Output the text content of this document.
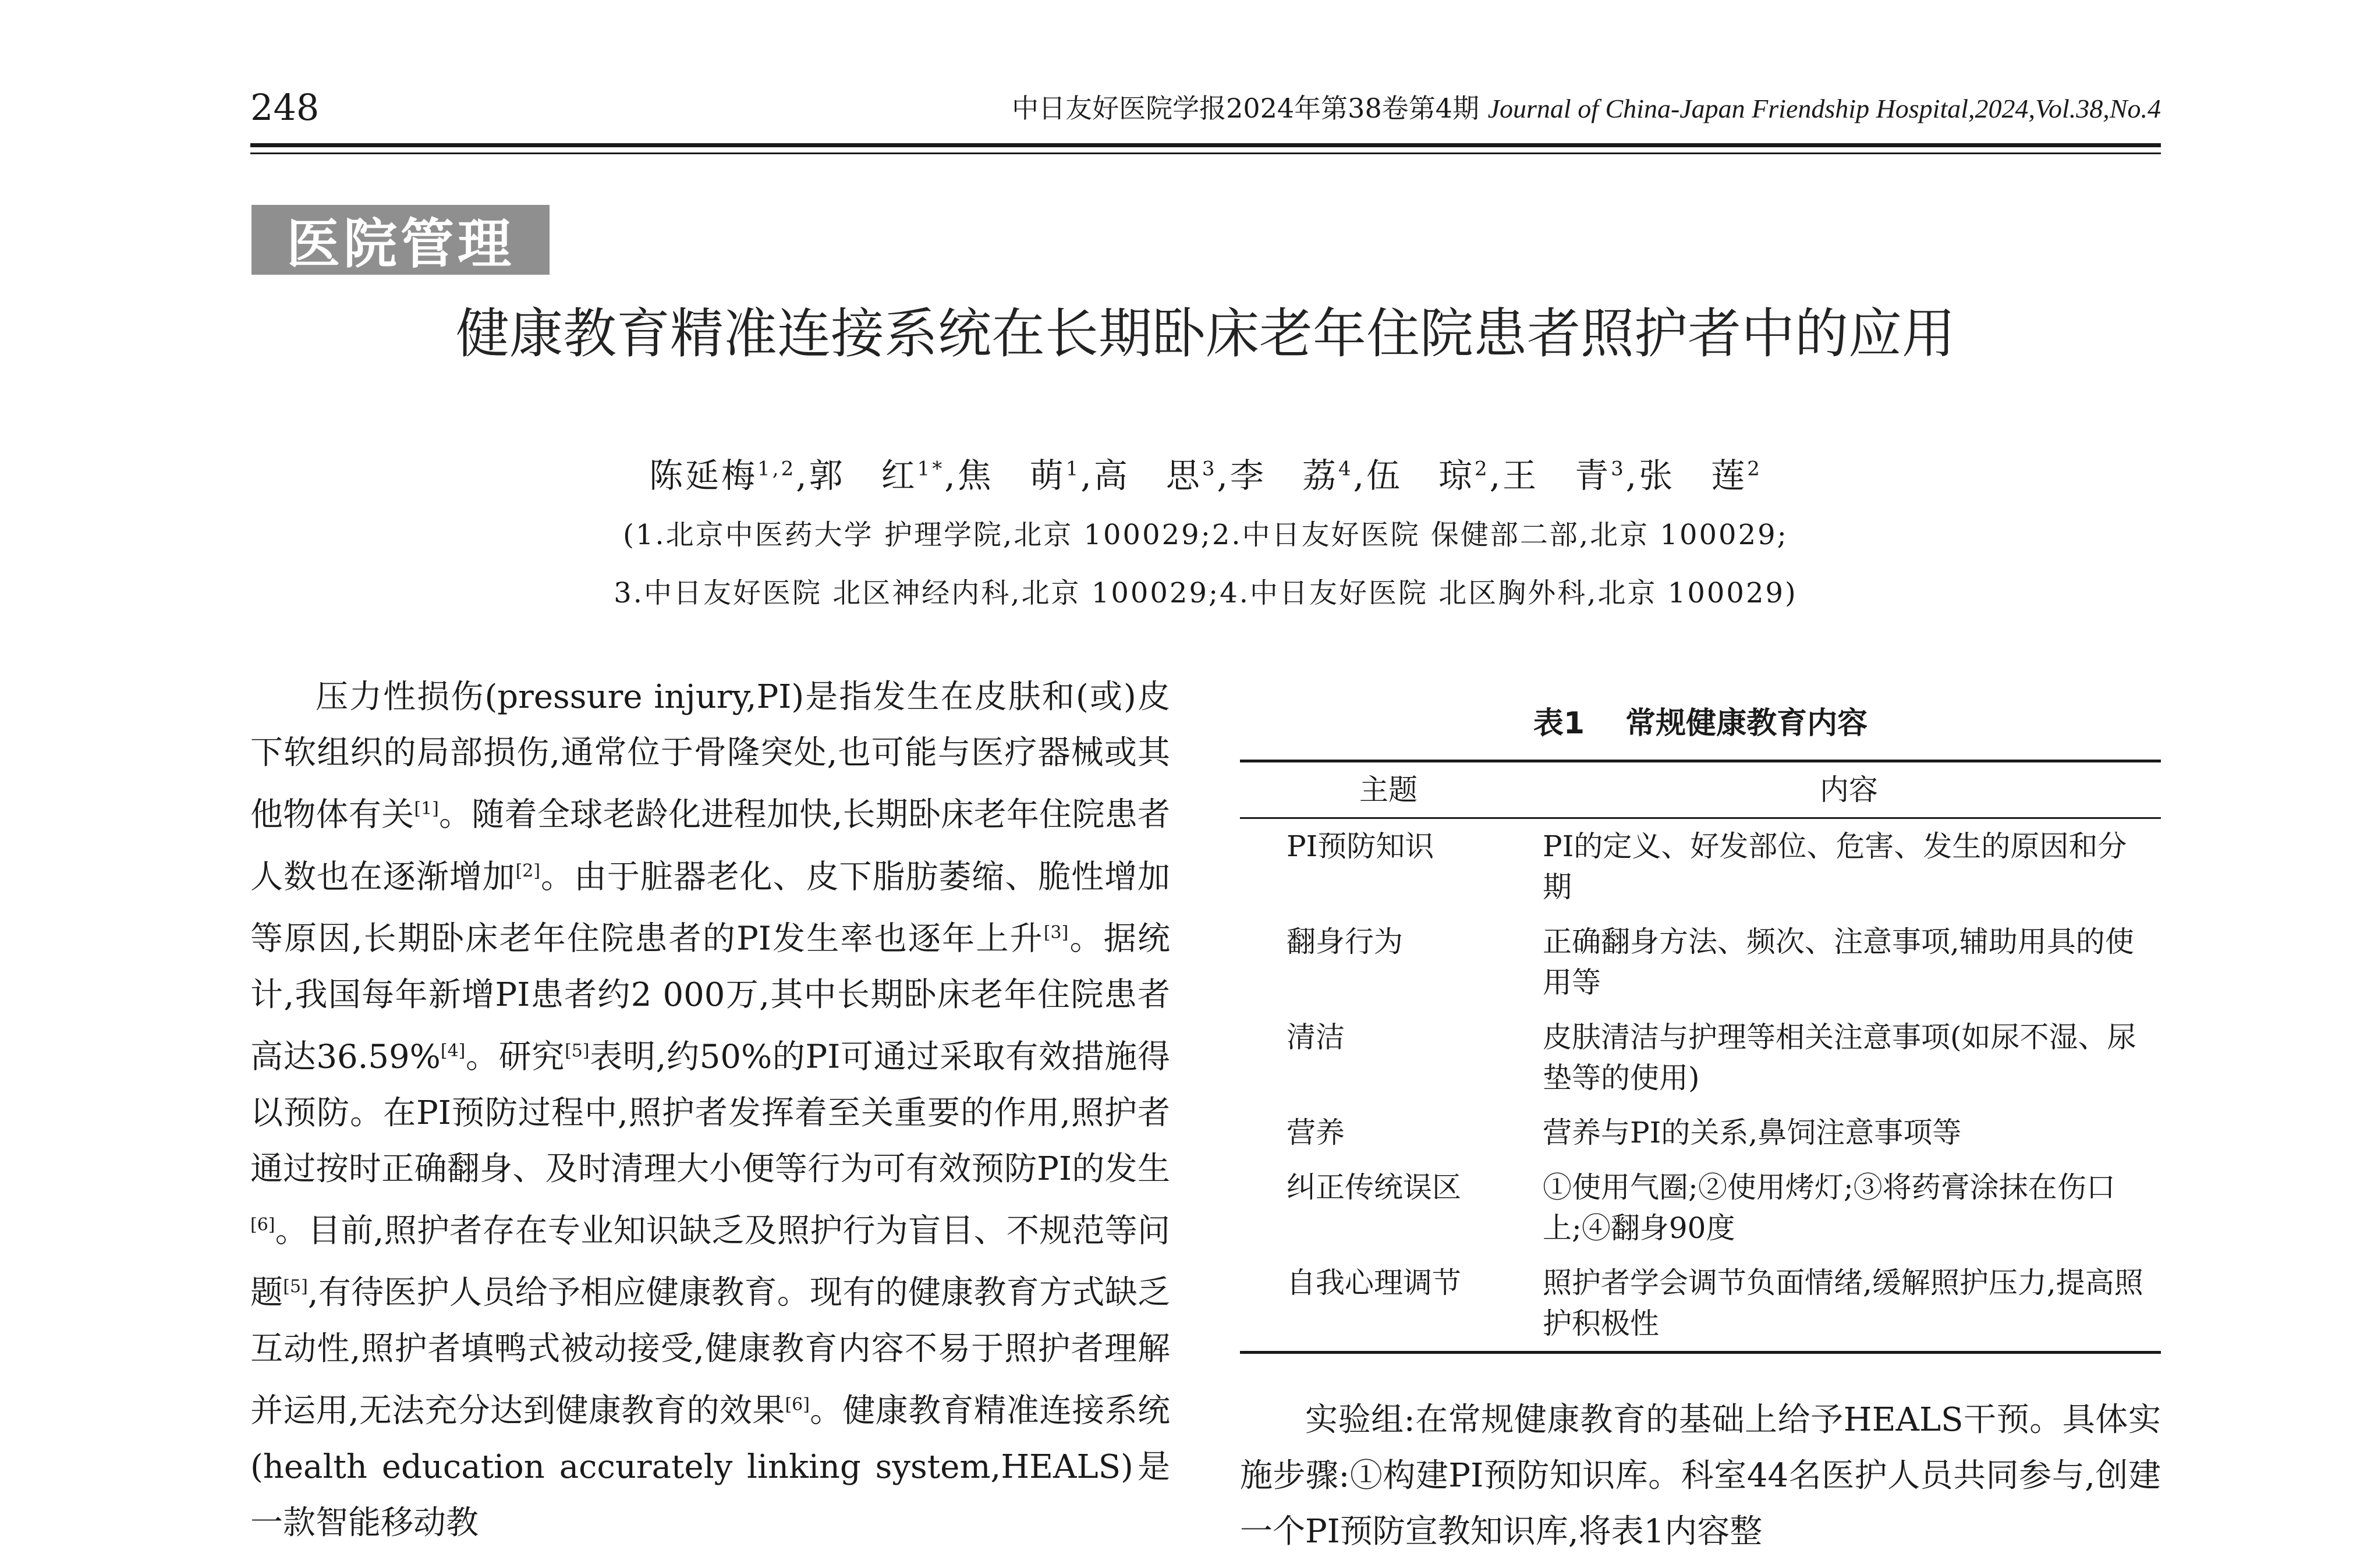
248	中日友好医院学报2024年第38卷第4期 Journal of China-Japan Friendship Hospital,2024,Vol.38,No.4
医院管理
健康教育精准连接系统在长期卧床老年住院患者照护者中的应用
陈延梅$^{1,2}$,郭　红$^{1*}$,焦　萌$^1$,高　思$^3$,李　荔$^4$,伍　琼$^2$,王　青$^3$,张　莲$^2$
(1.北京中医药大学 护理学院,北京 100029;2.中日友好医院 保健部二部,北京 100029;
3.中日友好医院 北区神经内科,北京 100029;4.中日友好医院 北区胸外科,北京 100029)

压力性损伤(pressure injury,PI)是指发生在皮肤和(或)皮下软组织的局部损伤,通常位于骨隆突处,也可能与医疗器械或其他物体有关[1]。随着全球老龄化进程加快,长期卧床老年住院患者人数也在逐渐增加[2]。由于脏器老化、皮下脂肪萎缩、脆性增加等原因,长期卧床老年住院患者的PI发生率也逐年上升[3]。据统计,我国每年新增PI患者约2 000万,其中长期卧床老年住院患者高达36.59%[4]。研究[5]表明,约50%的PI可通过采取有效措施得以预防。在PI预防过程中,照护者发挥着至关重要的作用,照护者通过按时正确翻身、及时清理大小便等行为可有效预防PI的发生[6]。目前,照护者存在专业知识缺乏及照护行为盲目、不规范等问题[5],有待医护人员给予相应健康教育。现有的健康教育方式缺乏互动性,照护者填鸭式被动接受,健康教育内容不易于照护者理解并运用,无法充分达到健康教育的效果[6]。健康教育精准连接系统(health education accurately linking system,HEALS)是一款智能移动教

表1 常规健康教育内容
主题	内容
PI预防知识	PI的定义、好发部位、危害、发生的原因和分期
翻身行为	正确翻身方法、频次、注意事项,辅助用具的使用等
清洁	皮肤清洁与护理等相关注意事项(如尿不湿、尿垫等的使用)
营养	营养与PI的关系,鼻饲注意事项等
纠正传统误区	①使用气圈;②使用烤灯;③将药膏涂抹在伤口上;④翻身90度
自我心理调节	照护者学会调节负面情绪,缓解照护压力,提高照护积极性

实验组:在常规健康教育的基础上给予HEALS干预。具体实施步骤:①构建PI预防知识库。科室44名医护人员共同参与,创建一个PI预防宣教知识库,将表1内容整
